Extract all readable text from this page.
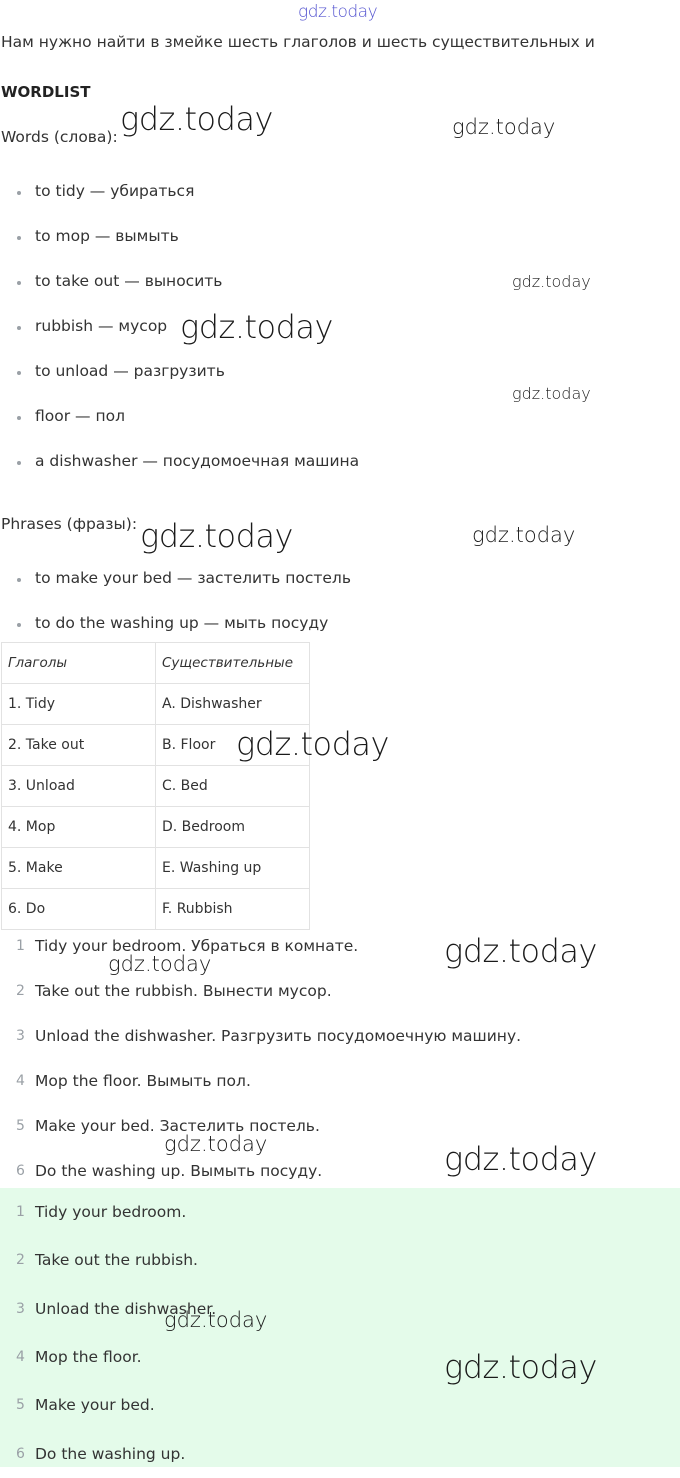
gdz.today
Нам нужно найти в змейке шесть глаголов и шесть существительных и
WORDLIST
Words (слова):
to tidy — убираться
to mop — вымыть
to take out — выносить
rubbish — мусор
to unload — разгрузить
floor — пол
a dishwasher — посудомоечная машина
Phrases (фразы):
to make your bed — застелить постель
to do the washing up — мыть посуду
Глаголы	Существительные
1. Tidy	A. Dishwasher
2. Take out	B. Floor
3. Unload	C. Bed
4. Mop	D. Bedroom
5. Make	E. Washing up
6. Do	F. Rubbish
1 Tidy your bedroom. Убраться в комнате.
2 Take out the rubbish. Вынести мусор.
3 Unload the dishwasher. Разгрузить посудомоечную машину.
4 Mop the floor. Вымыть пол.
5 Make your bed. Застелить постель.
6 Do the washing up. Вымыть посуду.
1 Tidy your bedroom.
2 Take out the rubbish.
3 Unload the dishwasher.
4 Mop the floor.
5 Make your bed.
6 Do the washing up.
gdz.today	gdz.today
gdz.today
gdz.today
gdz.today
gdz.today	gdz.today
gdz.today
gdz.today
gdz.today
gdz.today	gdz.today
gdz.today
gdz.today
